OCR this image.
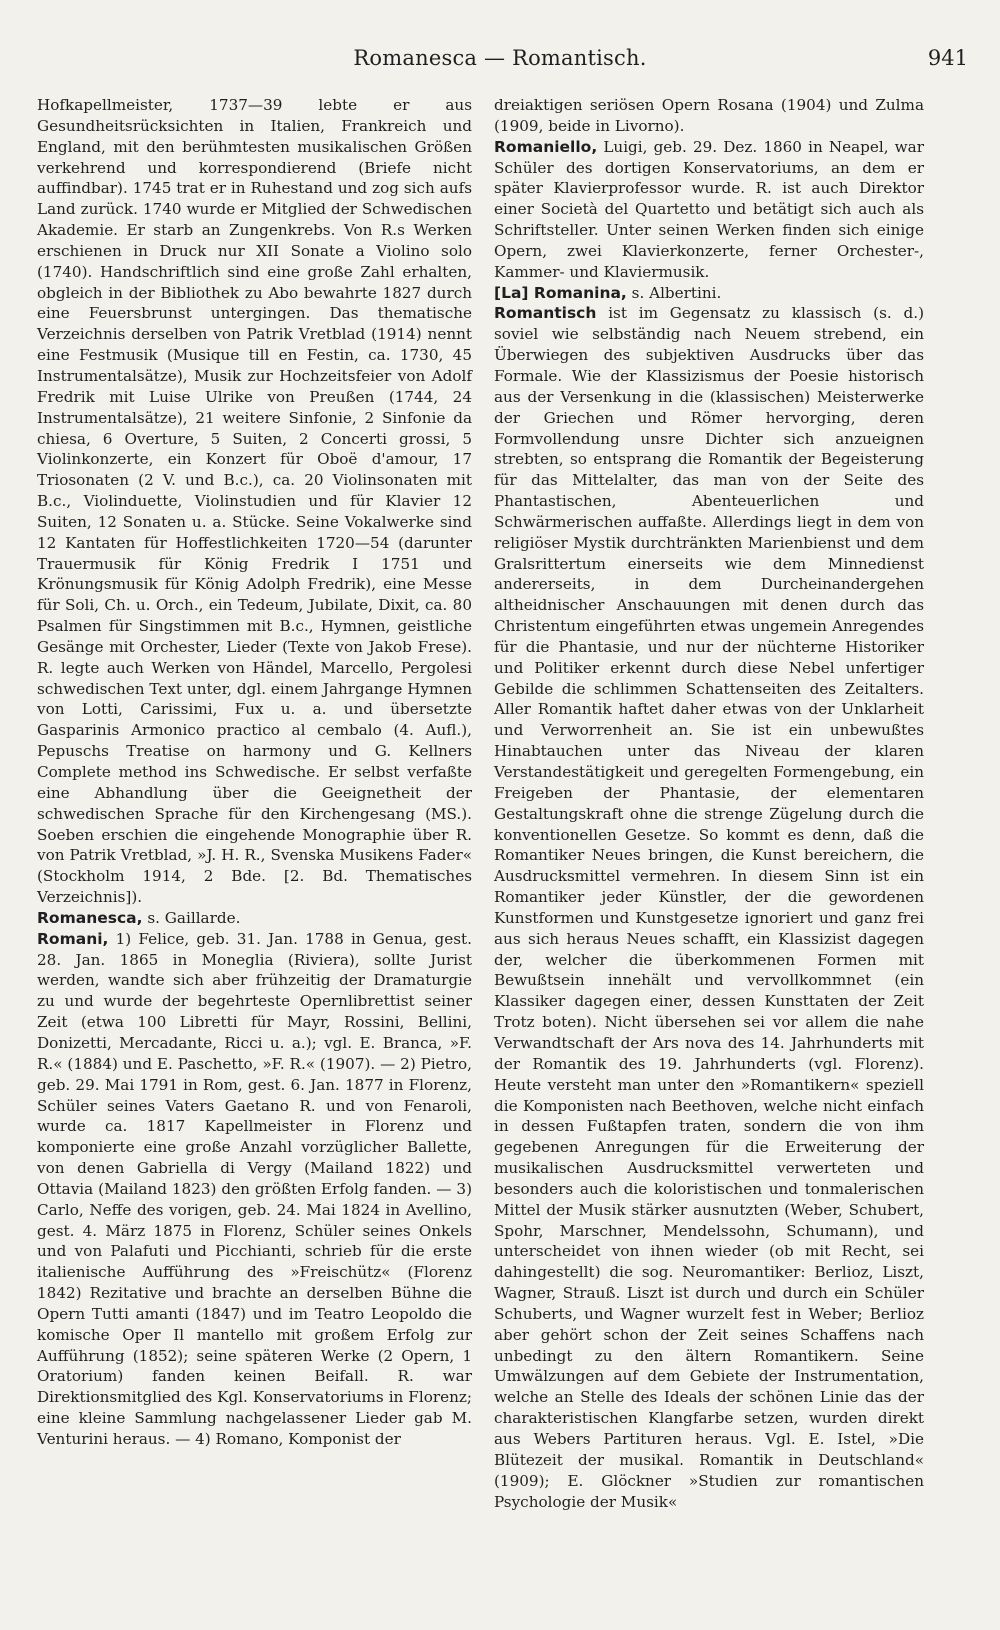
Romanesca — Romantisch.	941

Hofkapellmeister, 1737—39 lebte er aus Gesundheitsrücksichten in Italien, Frankreich und England, mit den berühmtesten musikalischen Größen verkehrend und korrespondierend (Briefe nicht auffindbar). 1745 trat er in Ruhestand und zog sich aufs Land zurück. 1740 wurde er Mitglied der Schwedischen Akademie. Er starb an Zungenkrebs. Von R.s Werken erschienen in Druck nur XII Sonate a Violino solo (1740). Handschriftlich sind eine große Zahl erhalten, obgleich in der Bibliothek zu Abo bewahrte 1827 durch eine Feuersbrunst untergingen. Das thematische Verzeichnis derselben von Patrik Vretblad (1914) nennt eine Festmusik (Musique till en Festin, ca. 1730, 45 Instrumentalsätze), Musik zur Hochzeitsfeier von Adolf Fredrik mit Luise Ulrike von Preußen (1744, 24 Instrumentalsätze), 21 weitere Sinfonie, 2 Sinfonie da chiesa, 6 Overture, 5 Suiten, 2 Concerti grossi, 5 Violinkonzerte, ein Konzert für Oboë d'amour, 17 Triosonaten (2 V. und B.c.), ca. 20 Violinsonaten mit B.c., Violinduette, Violinstudien und für Klavier 12 Suiten, 12 Sonaten u. a. Stücke. Seine Vokalwerke sind 12 Kantaten für Hoffestlichkeiten 1720—54 (darunter Trauermusik für König Fredrik I 1751 und Krönungsmusik für König Adolph Fredrik), eine Messe für Soli, Ch. u. Orch., ein Tedeum, Jubilate, Dixit, ca. 80 Psalmen für Singstimmen mit B.c., Hymnen, geistliche Gesänge mit Orchester, Lieder (Texte von Jakob Frese). R. legte auch Werken von Händel, Marcello, Pergolesi schwedischen Text unter, dgl. einem Jahrgange Hymnen von Lotti, Carissimi, Fux u. a. und übersetzte Gasparinis Armonico practico al cembalo (4. Aufl.), Pepuschs Treatise on harmony und G. Kellners Complete method ins Schwedische. Er selbst verfaßte eine Abhandlung über die Geeignetheit der schwedischen Sprache für den Kirchengesang (MS.). Soeben erschien die eingehende Monographie über R. von Patrik Vretblad, »J. H. R., Svenska Musikens Fader« (Stockholm 1914, 2 Bde. [2. Bd. Thematisches Verzeichnis]).

Romanesca, s. Gaillarde.

Romani, 1) Felice, geb. 31. Jan. 1788 in Genua, gest. 28. Jan. 1865 in Moneglia (Riviera), sollte Jurist werden, wandte sich aber frühzeitig der Dramaturgie zu und wurde der begehrteste Opernlibrettist seiner Zeit (etwa 100 Libretti für Mayr, Rossini, Bellini, Donizetti, Mercadante, Ricci u. a.); vgl. E. Branca, »F. R.« (1884) und E. Paschetto, »F. R.« (1907). — 2) Pietro, geb. 29. Mai 1791 in Rom, gest. 6. Jan. 1877 in Florenz, Schüler seines Vaters Gaetano R. und von Fenaroli, wurde ca. 1817 Kapellmeister in Florenz und komponierte eine große Anzahl vorzüglicher Ballette, von denen Gabriella di Vergy (Mailand 1822) und Ottavia (Mailand 1823) den größten Erfolg fanden. — 3) Carlo, Neffe des vorigen, geb. 24. Mai 1824 in Avellino, gest. 4. März 1875 in Florenz, Schüler seines Onkels und von Palafuti und Picchianti, schrieb für die erste italienische Aufführung des »Freischütz« (Florenz 1842) Rezitative und brachte an derselben Bühne die Opern Tutti amanti (1847) und im Teatro Leopoldo die komische Oper Il mantello mit großem Erfolg zur Aufführung (1852); seine späteren Werke (2 Opern, 1 Oratorium) fanden keinen Beifall. R. war Direktionsmitglied des Kgl. Konservatoriums in Florenz; eine kleine Sammlung nachgelassener Lieder gab M. Venturini heraus. — 4) Romano, Komponist der

dreiaktigen seriösen Opern Rosana (1904) und Zulma (1909, beide in Livorno).

Romaniello, Luigi, geb. 29. Dez. 1860 in Neapel, war Schüler des dortigen Konservatoriums, an dem er später Klavierprofessor wurde. R. ist auch Direktor einer Società del Quartetto und betätigt sich auch als Schriftsteller. Unter seinen Werken finden sich einige Opern, zwei Klavierkonzerte, ferner Orchester-, Kammer- und Klaviermusik.

[La] Romanina, s. Albertini.

Romantisch ist im Gegensatz zu klassisch (s. d.) soviel wie selbständig nach Neuem strebend, ein Überwiegen des subjektiven Ausdrucks über das Formale. Wie der Klassizismus der Poesie historisch aus der Versenkung in die (klassischen) Meisterwerke der Griechen und Römer hervorging, deren Formvollendung unsre Dichter sich anzueignen strebten, so entsprang die Romantik der Begeisterung für das Mittelalter, das man von der Seite des Phantastischen, Abenteuerlichen und Schwärmerischen auffaßte. Allerdings liegt in dem von religiöser Mystik durchtränkten Marienbienst und dem Gralsrittertum einerseits wie dem Minnedienst andererseits, in dem Durcheinandergehen altheidnischer Anschauungen mit denen durch das Christentum eingeführten etwas ungemein Anregendes für die Phantasie, und nur der nüchterne Historiker und Politiker erkennt durch diese Nebel unfertiger Gebilde die schlimmen Schattenseiten des Zeitalters. Aller Romantik haftet daher etwas von der Unklarheit und Verworrenheit an. Sie ist ein unbewußtes Hinabtauchen unter das Niveau der klaren Verstandestätigkeit und geregelten Formengebung, ein Freigeben der Phantasie, der elementaren Gestaltungskraft ohne die strenge Zügelung durch die konventionellen Gesetze. So kommt es denn, daß die Romantiker Neues bringen, die Kunst bereichern, die Ausdrucksmittel vermehren. In diesem Sinn ist ein Romantiker jeder Künstler, der die gewordenen Kunstformen und Kunstgesetze ignoriert und ganz frei aus sich heraus Neues schafft, ein Klassizist dagegen der, welcher die überkommenen Formen mit Bewußtsein innehält und vervollkommnet (ein Klassiker dagegen einer, dessen Kunsttaten der Zeit Trotz boten). Nicht übersehen sei vor allem die nahe Verwandtschaft der Ars nova des 14. Jahrhunderts mit der Romantik des 19. Jahrhunderts (vgl. Florenz). Heute versteht man unter den »Romantikern« speziell die Komponisten nach Beethoven, welche nicht einfach in dessen Fußtapfen traten, sondern die von ihm gegebenen Anregungen für die Erweiterung der musikalischen Ausdrucksmittel verwerteten und besonders auch die koloristischen und tonmalerischen Mittel der Musik stärker ausnutzten (Weber, Schubert, Spohr, Marschner, Mendelssohn, Schumann), und unterscheidet von ihnen wieder (ob mit Recht, sei dahingestellt) die sog. Neuromantiker: Berlioz, Liszt, Wagner, Strauß. Liszt ist durch und durch ein Schüler Schuberts, und Wagner wurzelt fest in Weber; Berlioz aber gehört schon der Zeit seines Schaffens nach unbedingt zu den ältern Romantikern. Seine Umwälzungen auf dem Gebiete der Instrumentation, welche an Stelle des Ideals der schönen Linie das der charakteristischen Klangfarbe setzen, wurden direkt aus Webers Partituren heraus. Vgl. E. Istel, »Die Blütezeit der musikal. Romantik in Deutschland« (1909); E. Glöckner »Studien zur romantischen Psychologie der Musik«
